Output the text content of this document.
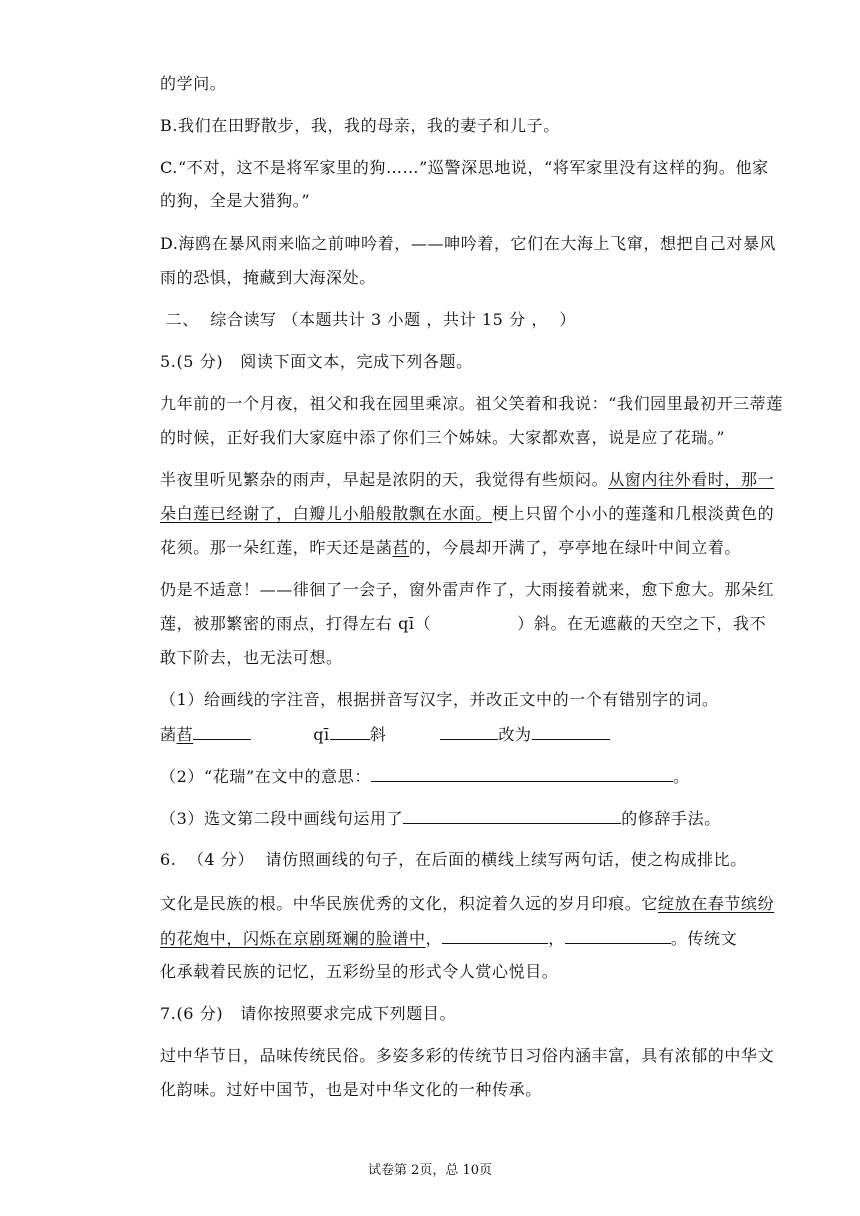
的学问。
B.我们在田野散步，我，我的母亲，我的妻子和儿子。
C.“不对，这不是将军家里的狗……”巡警深思地说，“将军家里没有这样的狗。他家
的狗，全是大猎狗。”
D.海鸥在暴风雨来临之前呻吟着，——呻吟着，它们在大海上飞窜，想把自己对暴风
雨的恐惧，掩藏到大海深处。
二、  综合读写 （本题共计 3 小题 ，共计 15 分 ，  ）
5.(5 分)   阅读下面文本，完成下列各题。
九年前的一个月夜，祖父和我在园里乘凉。祖父笑着和我说：“我们园里最初开三蒂莲
的时候，正好我们大家庭中添了你们三个姊妹。大家都欢喜，说是应了花瑞。”
半夜里听见繁杂的雨声，早起是浓阴的天，我觉得有些烦闷。从窗内往外看时，那一
朵白莲已经谢了，白瓣儿小船般散飘在水面。梗上只留个小小的莲蓬和几根淡黄色的
花须。那一朵红莲，昨天还是菡萏的，今晨却开满了，亭亭地在绿叶中间立着。
仍是不适意！——徘徊了一会子，窗外雷声作了，大雨接着就来，愈下愈大。那朵红
莲，被那繁密的雨点，打得左右 qī（	）斜。在无遮蔽的天空之下，我不
敢下阶去，也无法可想。
（1）给画线的字注音，根据拼音写汉字，并改正文中的一个有错别字的词。
菡萏	qī	斜	改为
（2）“花瑞”在文中的意思：	。
（3）选文第二段中画线句运用了	的修辞手法。
6.  （4 分）  请仿照画线的句子，在后面的横线上续写两句话，使之构成排比。
文化是民族的根。中华民族优秀的文化，积淀着久远的岁月印痕。它绽放在春节缤纷
的花炮中，闪烁在京剧斑斓的脸谱中，	，	。传统文
化承载着民族的记忆，五彩纷呈的形式令人赏心悦目。
7.(6 分)   请你按照要求完成下列题目。
过中华节日，品味传统民俗。多姿多彩的传统节日习俗内涵丰富，具有浓郁的中华文
化韵味。过好中国节，也是对中华文化的一种传承。
试卷第 2页，总 10页
